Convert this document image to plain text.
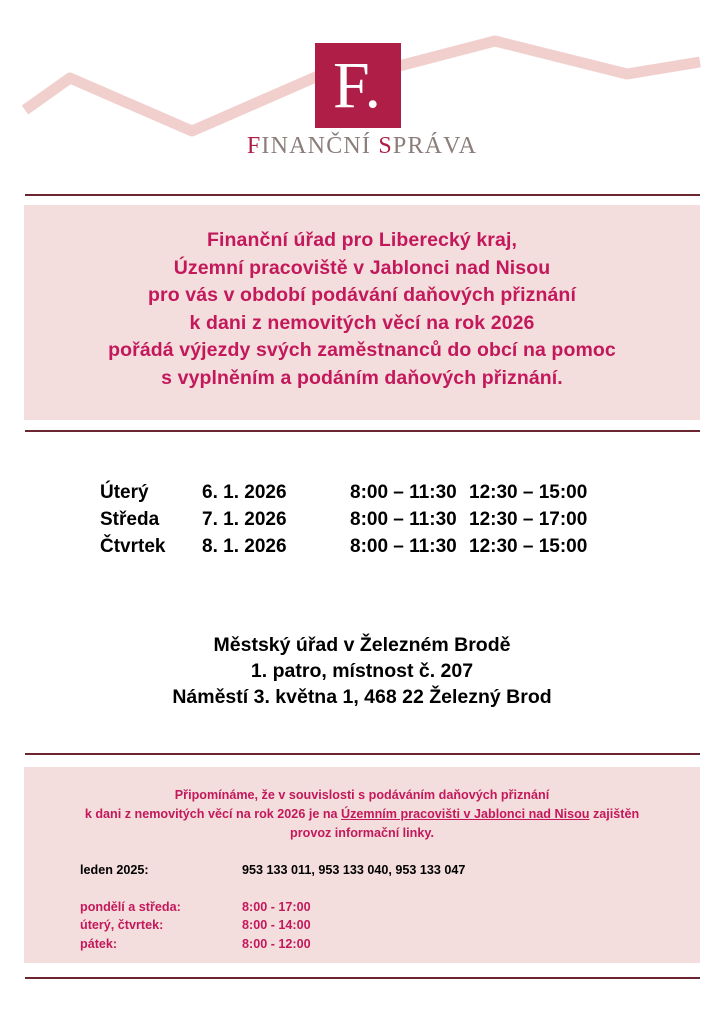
F.
FINANČNÍ SPRÁVA
Finanční úřad pro Liberecký kraj,
Územní pracoviště v Jablonci nad Nisou
pro vás v období podávání daňových přiznání
k dani z nemovitých věcí na rok 2026
pořádá výjezdy svých zaměstnanců do obcí na pomoc
s vyplněním a podáním daňových přiznání.
Úterý	6. 1. 2026	8:00 – 11:30 12:30 – 15:00
Středa 7. 1. 2026	8:00 – 11:30 12:30 – 17:00
Čtvrtek 8. 1. 2026	8:00 – 11:30 12:30 – 15:00
Městský úřad v Železném Brodě
1. patro, místnost č. 207
Náměstí 3. května 1, 468 22 Železný Brod
Připomínáme, že v souvislosti s podáváním daňových přiznání
k dani z nemovitých věcí na rok 2026 je na Územním pracovišti v Jablonci nad Nisou zajištěn
provoz informační linky.
leden 2025:	953 133 011, 953 133 040, 953 133 047
pondělí a středa:	8:00 - 17:00
úterý, čtvrtek:	8:00 - 14:00
pátek:	8:00 - 12:00
